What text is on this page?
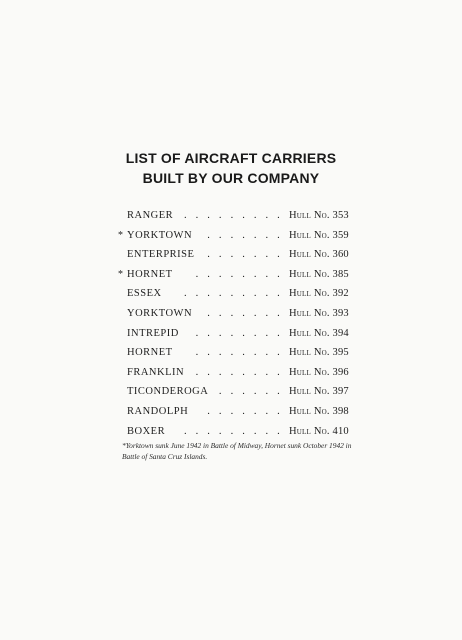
LIST OF AIRCRAFT CARRIERS
BUILT BY OUR COMPANY
RANGER . . . . . . . . . Hull No. 353
* YORKTOWN . . . . . . . Hull No. 359
ENTERPRISE . . . . . . . Hull No. 360
* HORNET . . . . . . . . Hull No. 385
ESSEX . . . . . . . . . Hull No. 392
YORKTOWN . . . . . . . Hull No. 393
INTREPID . . . . . . . . Hull No. 394
HORNET . . . . . . . . Hull No. 395
FRANKLIN . . . . . . . . Hull No. 396
TICONDEROGA . . . . . . Hull No. 397
RANDOLPH . . . . . . . Hull No. 398
BOXER . . . . . . . . . Hull No. 410
*Yorktown sunk June 1942 in Battle of Midway, Hornet sunk October 1942 in Battle of Santa Cruz Islands.
